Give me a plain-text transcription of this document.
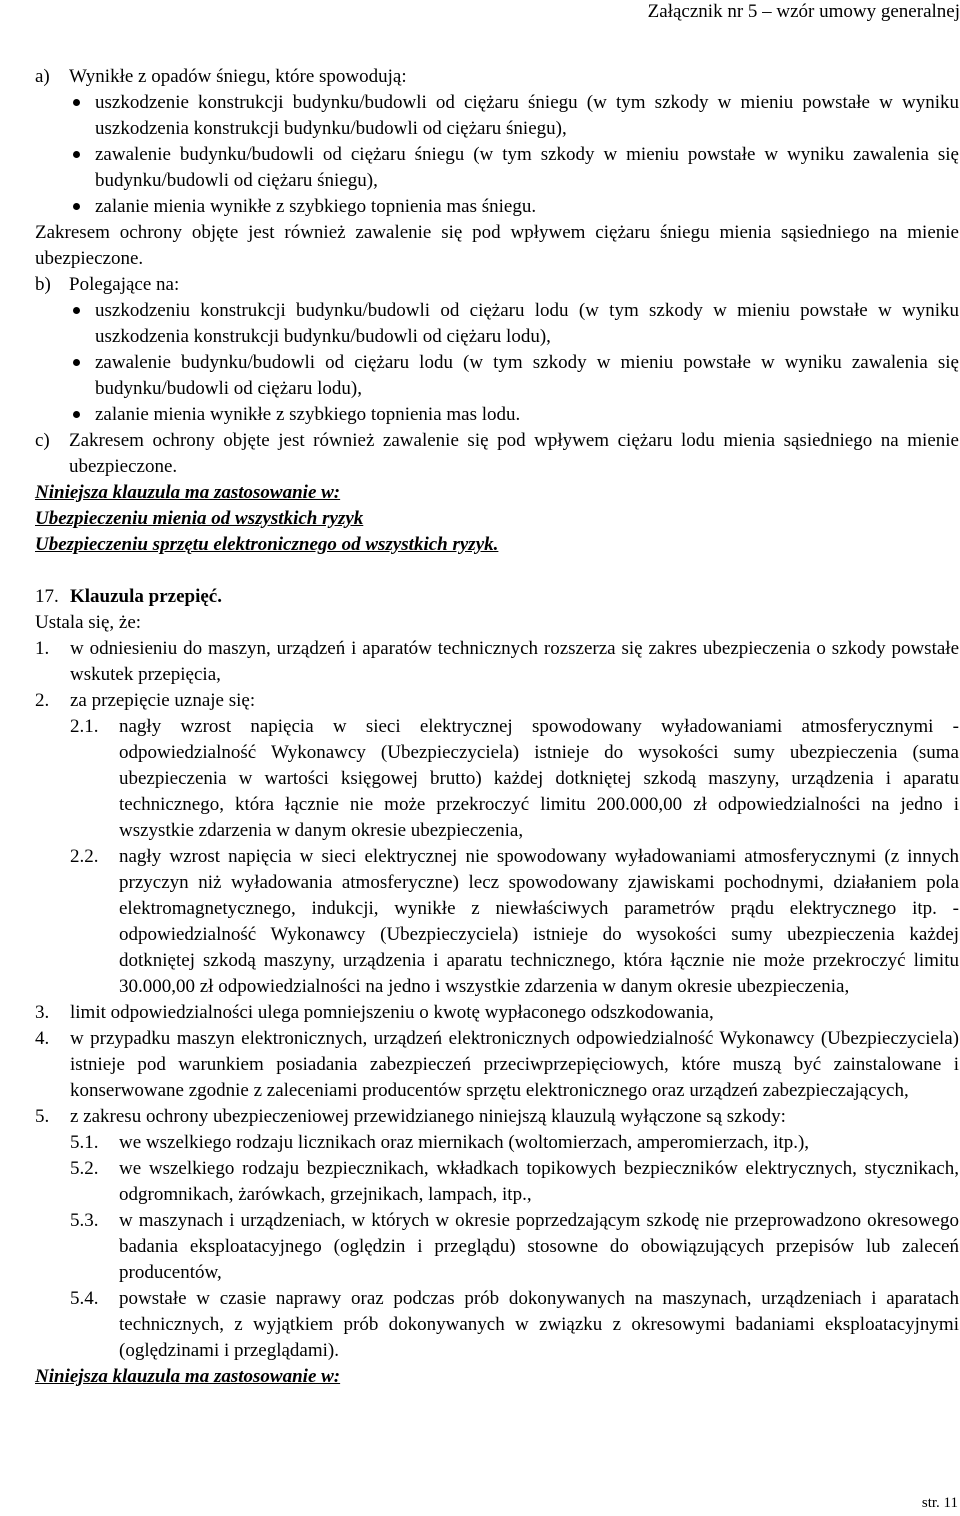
Załącznik nr 5 – wzór umowy generalnej
a)	Wynikłe z opadów śniegu, które spowodują:
uszkodzenie konstrukcji budynku/budowli od ciężaru śniegu (w tym szkody w mieniu powstałe w wyniku uszkodzenia konstrukcji budynku/budowli od ciężaru śniegu),
zawalenie budynku/budowli od ciężaru śniegu (w tym szkody w mieniu powstałe w wyniku zawalenia się budynku/budowli od ciężaru śniegu),
zalanie mienia wynikłe z szybkiego topnienia mas śniegu.

Zakresem ochrony objęte jest również zawalenie się pod wpływem ciężaru śniegu mienia sąsiedniego na mienie ubezpieczone.

b) Polegające na:
uszkodzeniu konstrukcji budynku/budowli od ciężaru lodu (w tym szkody w mieniu powstałe w wyniku uszkodzenia konstrukcji budynku/budowli od ciężaru lodu),
zawalenie budynku/budowli od ciężaru lodu (w tym szkody w mieniu powstałe w wyniku zawalenia się budynku/budowli od ciężaru lodu),
zalanie mienia wynikłe z szybkiego topnienia mas lodu.
c)	Zakresem ochrony objęte jest również zawalenie się pod wpływem ciężaru lodu mienia sąsiedniego na mienie ubezpieczone.

Niniejsza klauzula ma zastosowanie w:

Ubezpieczeniu mienia od wszystkich ryzyk

Ubezpieczeniu sprzętu elektronicznego od wszystkich ryzyk.

17. Klauzula przepięć.

Ustala się, że:

1.	w odniesieniu do maszyn, urządzeń i aparatów technicznych rozszerza się zakres ubezpieczenia o szkody powstałe wskutek przepięcia,
2.	za przepięcie uznaje się:
2.1.	nagły wzrost napięcia w sieci elektrycznej spowodowany wyładowaniami atmosferycznymi - odpowiedzialność Wykonawcy (Ubezpieczyciela) istnieje do wysokości sumy ubezpieczenia (suma ubezpieczenia w wartości księgowej brutto) każdej dotkniętej szkodą maszyny, urządzenia i aparatu technicznego, która łącznie nie może przekroczyć limitu 200.000,00 zł odpowiedzialności na jedno i wszystkie zdarzenia w danym okresie ubezpieczenia,
2.2.	nagły wzrost napięcia w sieci elektrycznej nie spowodowany wyładowaniami atmosferycznymi (z innych przyczyn niż wyładowania atmosferyczne) lecz spowodowany zjawiskami pochodnymi, działaniem pola elektromagnetycznego, indukcji, wynikłe z niewłaściwych parametrów prądu elektrycznego itp. - odpowiedzialność Wykonawcy (Ubezpieczyciela) istnieje do wysokości sumy ubezpieczenia każdej dotkniętej szkodą maszyny, urządzenia i aparatu technicznego, która łącznie nie może przekroczyć limitu 30.000,00 zł odpowiedzialności na jedno i wszystkie zdarzenia w danym okresie ubezpieczenia,
3.	limit odpowiedzialności ulega pomniejszeniu o kwotę wypłaconego odszkodowania,
4.	w przypadku maszyn elektronicznych, urządzeń elektronicznych odpowiedzialność Wykonawcy (Ubezpieczyciela) istnieje pod warunkiem posiadania zabezpieczeń przeciwprzepięciowych, które muszą być zainstalowane i konserwowane zgodnie z zaleceniami producentów sprzętu elektronicznego oraz urządzeń zabezpieczających,
5.	z zakresu ochrony ubezpieczeniowej przewidzianego niniejszą klauzulą wyłączone są szkody:
5.1.	we wszelkiego rodzaju licznikach oraz miernikach (woltomierzach, amperomierzach, itp.),
5.2.	we wszelkiego rodzaju bezpiecznikach, wkładkach topikowych bezpieczników elektrycznych, stycznikach, odgromnikach, żarówkach, grzejnikach, lampach, itp.,
5.3.	w maszynach i urządzeniach, w których w okresie poprzedzającym szkodę nie przeprowadzono okresowego badania eksploatacyjnego (oględzin i przeglądu) stosowne do obowiązujących przepisów lub zaleceń producentów,
5.4.	powstałe w czasie naprawy oraz podczas prób dokonywanych na maszynach, urządzeniach i aparatach technicznych, z wyjątkiem prób dokonywanych w związku z okresowymi badaniami eksploatacyjnymi (oględzinami i przeglądami).

Niniejsza klauzula ma zastosowanie w:

str. 11
